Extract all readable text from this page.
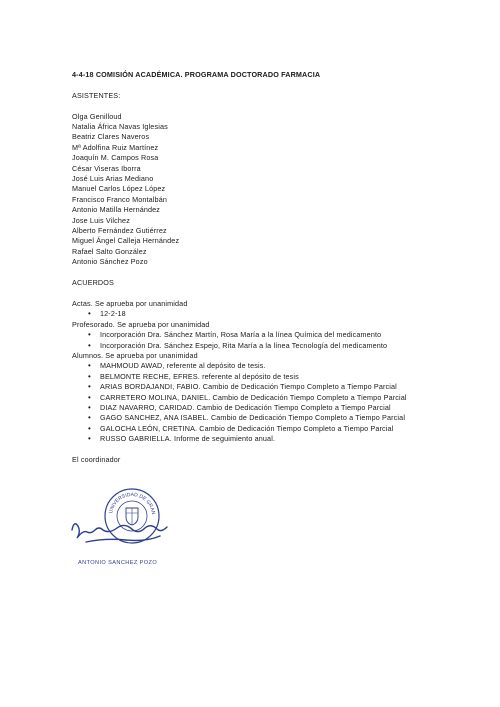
4-4-18 COMISIÓN ACADÉMICA. PROGRAMA DOCTORADO FARMACIA

ASISTENTES:

Olga Genilloud

Natalia África Navas Iglesias

Beatriz Clares Naveros

Mª Adolfina Ruiz Martínez

Joaquín M. Campos Rosa

César Viseras Iborra

José Luis Arias Mediano

Manuel Carlos López López

Francisco Franco Montalbán

Antonio Matilla Hernández

Jose Luis Vilchez

Alberto Fernández Gutiérrez

Miguel Ángel Calleja Hernández

Rafael Salto González

Antonio Sánchez Pozo

ACUERDOS

Actas. Se aprueba por unanimidad

• 12-2-18

Profesorado. Se aprueba por unanimidad

• Incorporación Dra. Sánchez Martín, Rosa María a la línea Química del medicamento
• Incorporación Dra. Sánchez Espejo, Rita María a la línea Tecnología del medicamento

Alumnos. Se aprueba por unanimidad

• MAHMOUD AWAD, referente al depósito de tesis.
• BELMONTE RECHE, EFRES. referente al depósito de tesis
• ARIAS BORDAJANDI, FABIO. Cambio de Dedicación Tiempo Completo a Tiempo Parcial
• CARRETERO MOLINA, DANIEL. Cambio de Dedicación Tiempo Completo a Tiempo Parcial
• DIAZ NAVARRO, CARIDAD. Cambio de Dedicación Tiempo Completo a Tiempo Parcial
• GAGO SANCHEZ, ANA ISABEL. Cambio de Dedicación Tiempo Completo a Tiempo Parcial
• GALOCHA LEÓN, CRETINA. Cambio de Dedicación Tiempo Completo a Tiempo Parcial
• RUSSO GABRIELLA. Informe de seguimiento anual.

El coordinador

UNIVERSIDAD DE GRAN
ANTONIO SANCHEZ POZO
